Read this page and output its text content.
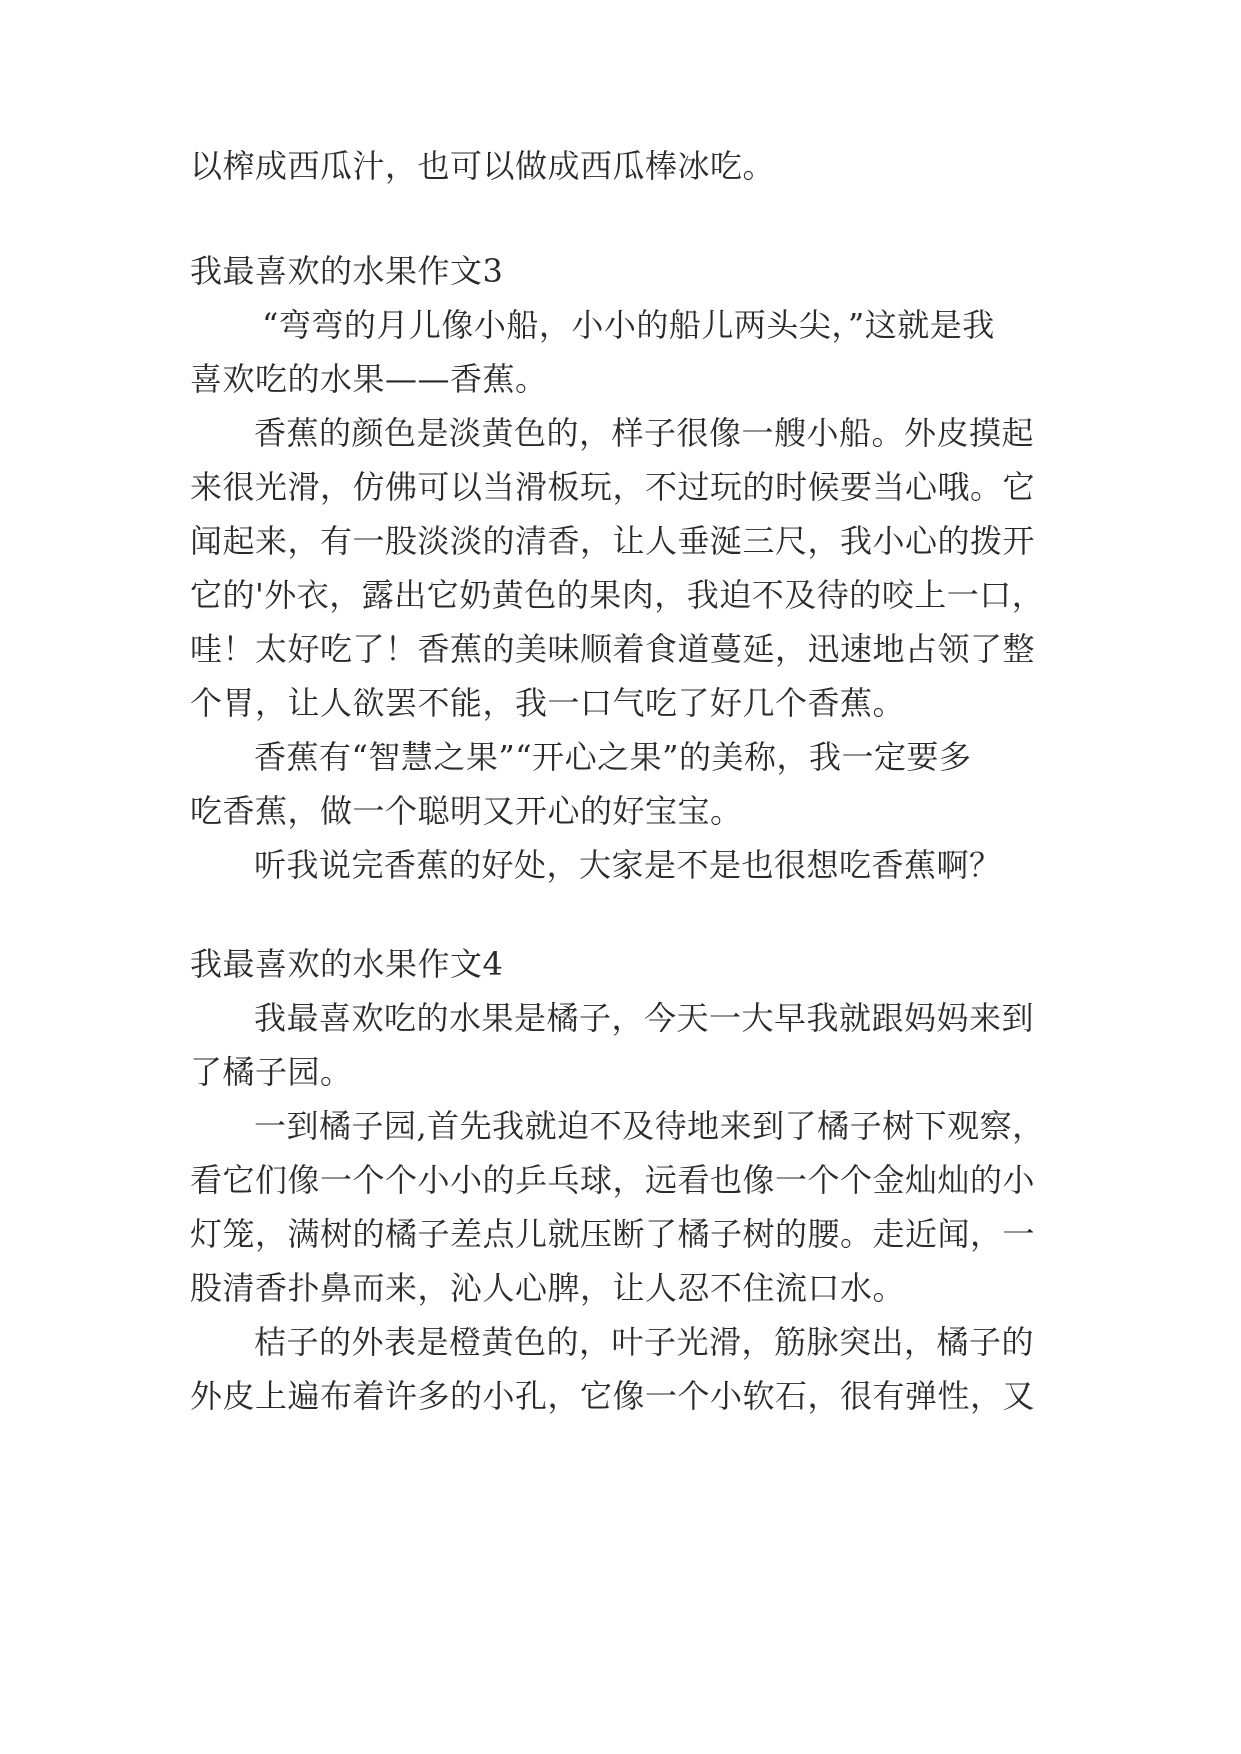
以榨成西瓜汁，也可以做成西瓜棒冰吃。
我最喜欢的水果作文3
“弯弯的月儿像小船，小小的船儿两头尖，”这就是我
喜欢吃的水果——香蕉。
香蕉的颜色是淡黄色的，样子很像一艘小船。外皮摸起
来很光滑，仿佛可以当滑板玩，不过玩的时候要当心哦。它
闻起来，有一股淡淡的清香，让人垂涎三尺，我小心的拨开
它的'外衣，露出它奶黄色的果肉，我迫不及待的咬上一口，
哇！太好吃了！香蕉的美味顺着食道蔓延，迅速地占领了整
个胃，让人欲罢不能，我一口气吃了好几个香蕉。
香蕉有“智慧之果”“开心之果”的美称，我一定要多
吃香蕉，做一个聪明又开心的好宝宝。
听我说完香蕉的好处，大家是不是也很想吃香蕉啊？
我最喜欢的水果作文4
我最喜欢吃的水果是橘子，今天一大早我就跟妈妈来到
了橘子园。
一到橘子园,首先我就迫不及待地来到了橘子树下观察，
看它们像一个个小小的乒乓球，远看也像一个个金灿灿的小
灯笼，满树的橘子差点儿就压断了橘子树的腰。走近闻，一
股清香扑鼻而来，沁人心脾，让人忍不住流口水。
桔子的外表是橙黄色的，叶子光滑，筋脉突出，橘子的
外皮上遍布着许多的小孔，它像一个小软石，很有弹性，又
